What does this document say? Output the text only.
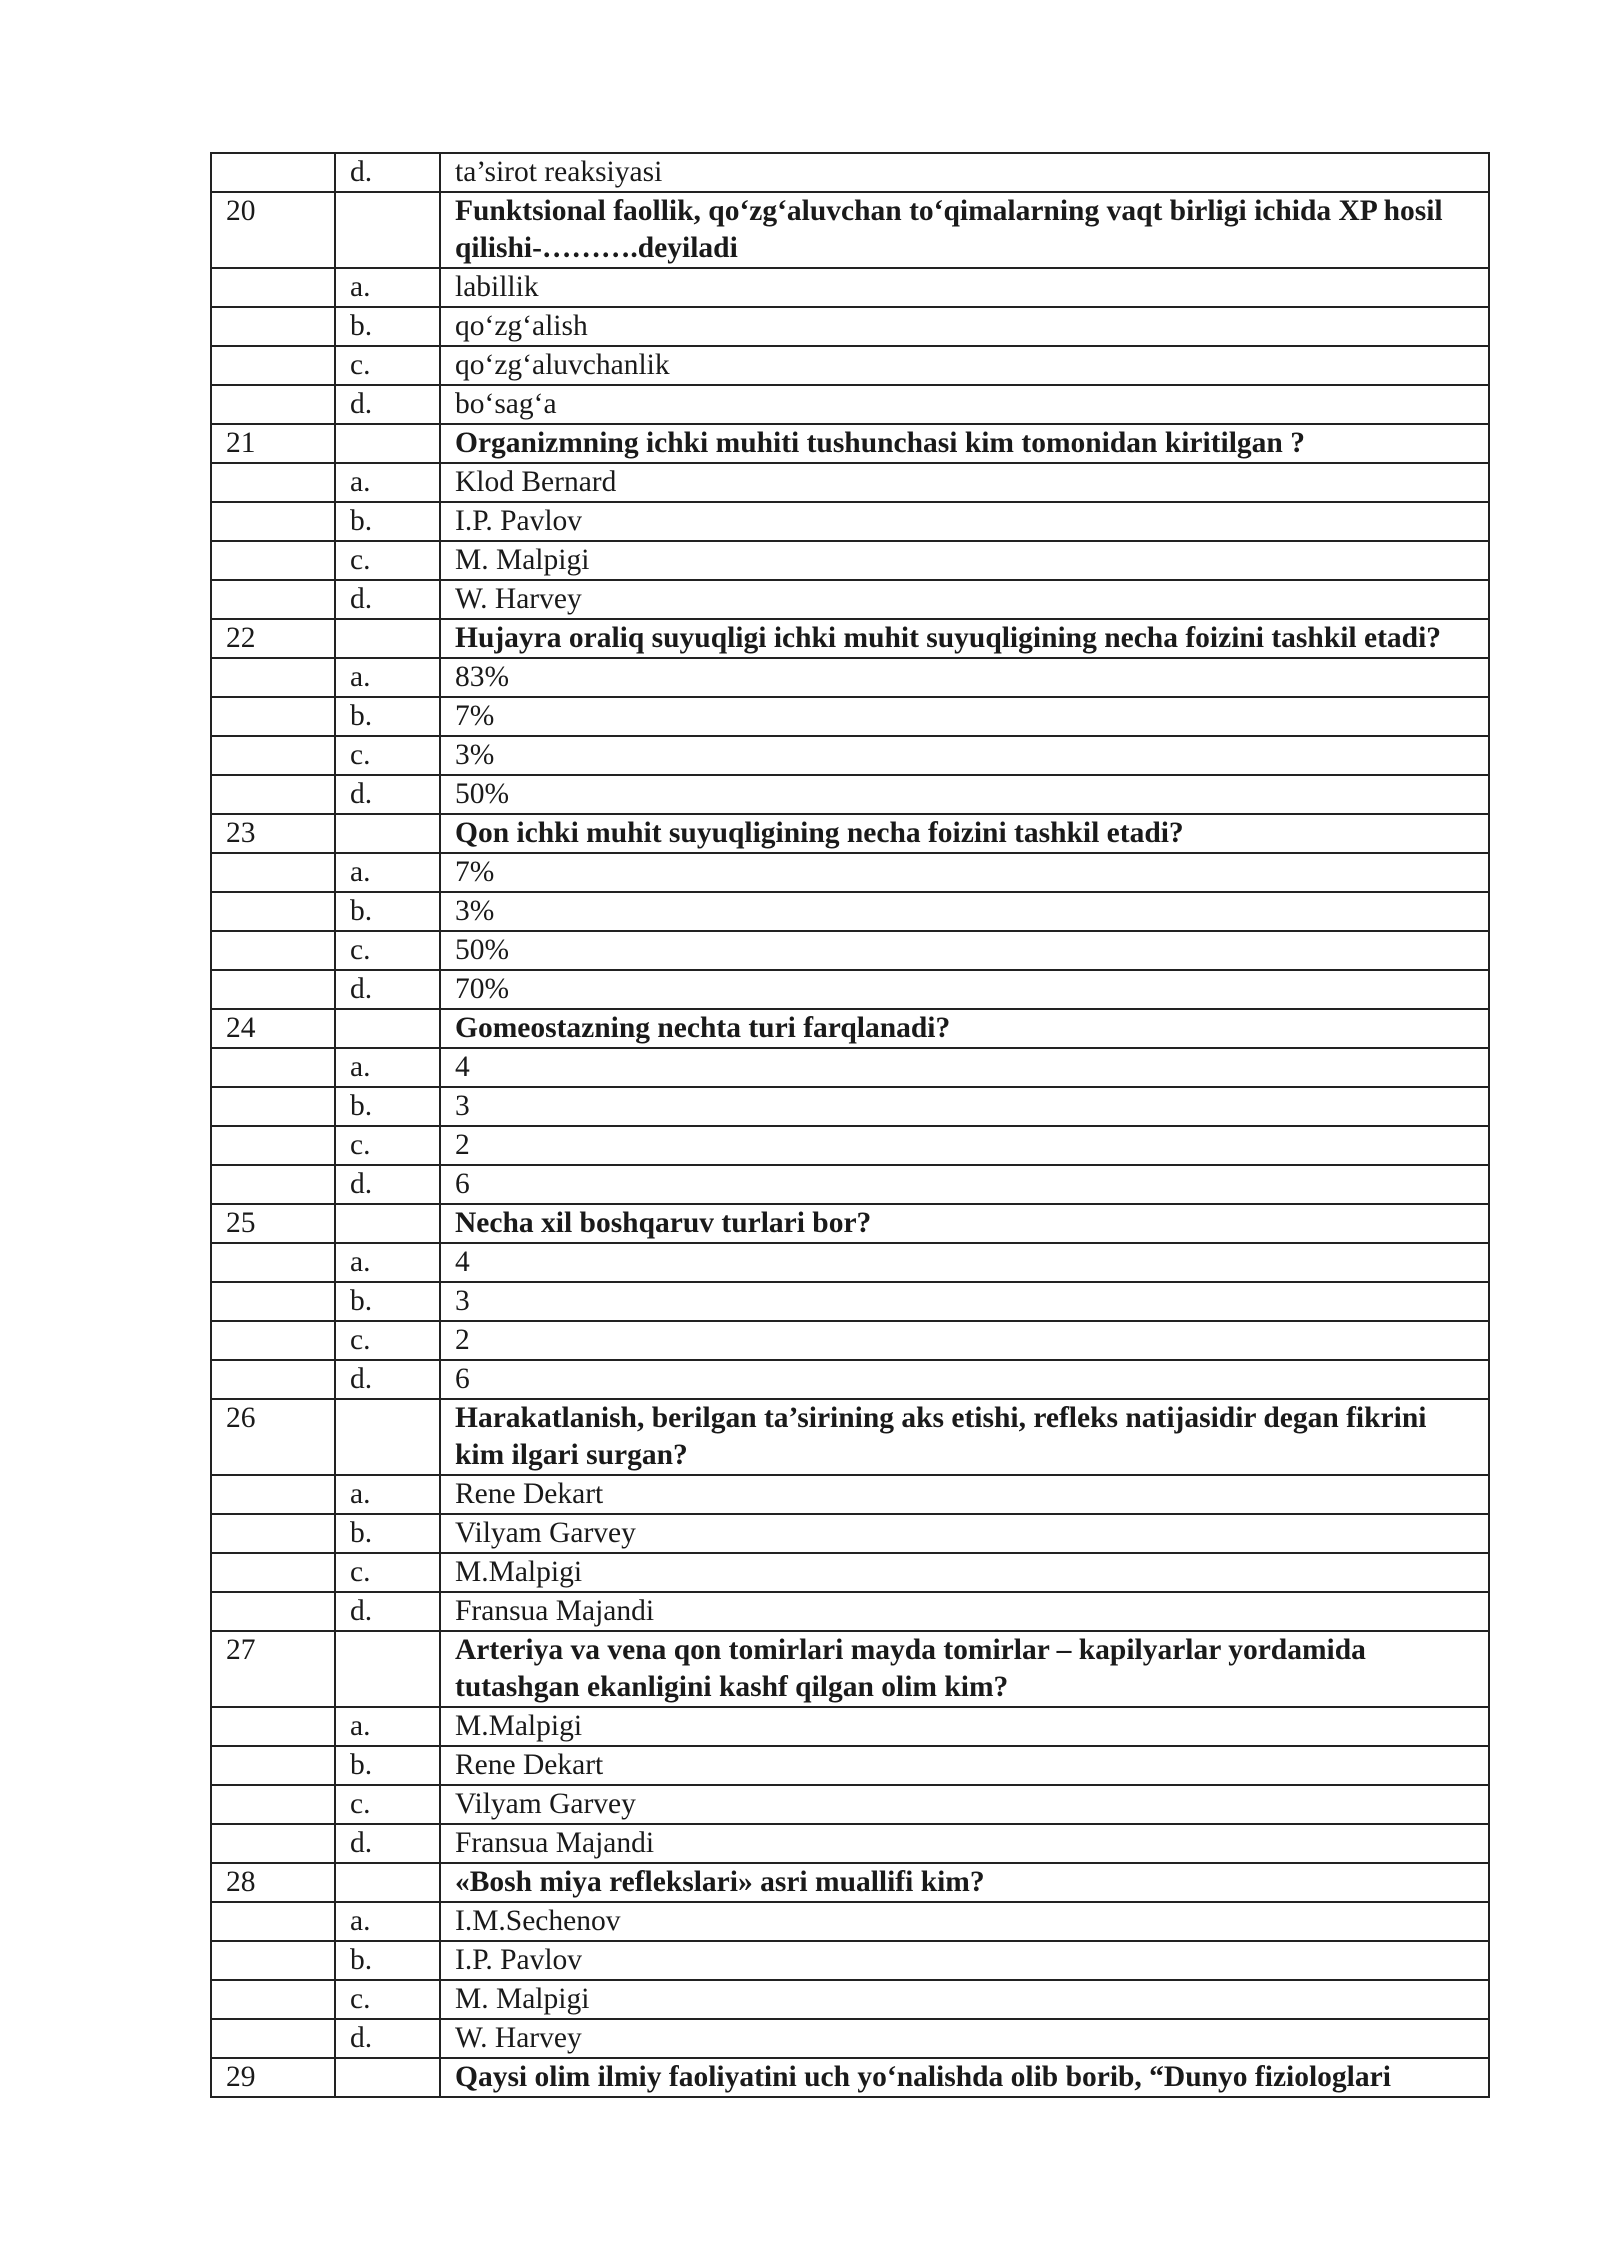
	d.	ta’sirot reaksiyasi
20		Funktsional faollik, qo‘zg‘aluvchan to‘qimalarning vaqt birligi ichida XP hosil qilishi-……….deyiladi
	a.	labillik
	b.	qo‘zg‘alish
	c.	qo‘zg‘aluvchanlik
	d.	bo‘sag‘a
21		Organizmning ichki muhiti tushunchasi kim tomonidan kiritilgan ?
	a.	Klod Bernard
	b.	I.P. Pavlov
	c.	M. Malpigi
	d.	W. Harvey
22		Hujayra oraliq suyuqligi ichki muhit suyuqligining necha foizini tashkil etadi?
	a.	83%
	b.	7%
	c.	3%
	d.	50%
23		Qon ichki muhit suyuqligining necha foizini tashkil etadi?
	a.	7%
	b.	3%
	c.	50%
	d.	70%
24		Gomeostazning nechta turi farqlanadi?
	a.	4
	b.	3
	c.	2
	d.	6
25		Necha xil boshqaruv turlari bor?
	a.	4
	b.	3
	c.	2
	d.	6
26		Harakatlanish, berilgan ta’sirining aks etishi, refleks natijasidir degan fikrini kim ilgari surgan?
	a.	Rene Dekart
	b.	Vilyam Garvey
	c.	M.Malpigi
	d.	Fransua Majandi
27		Arteriya va vena qon tomirlari mayda tomirlar – kapilyarlar yordamida tutashgan ekanligini kashf qilgan olim kim?
	a.	M.Malpigi
	b.	Rene Dekart
	c.	Vilyam Garvey
	d.	Fransua Majandi
28		«Bosh miya reflekslari» asri muallifi kim?
	a.	I.M.Sechenov
	b.	I.P. Pavlov
	c.	M. Malpigi
	d.	W. Harvey
29		Qaysi olim ilmiy faoliyatini uch yo‘nalishda olib borib, “Dunyo fiziologlari
